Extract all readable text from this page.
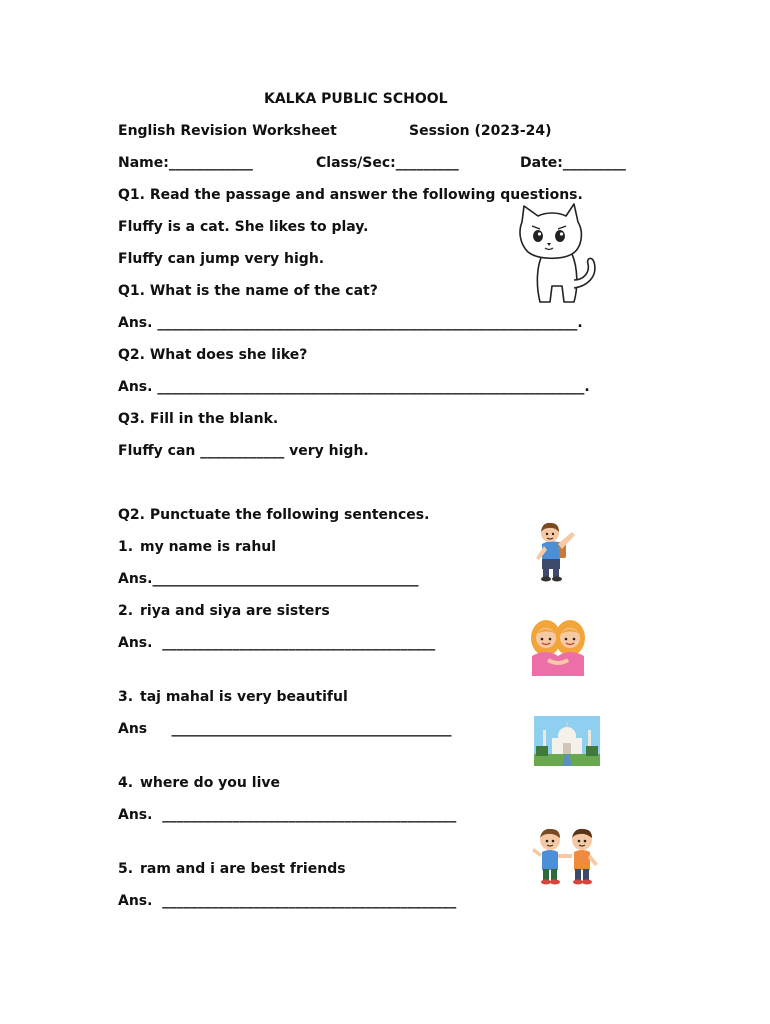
KALKA PUBLIC SCHOOL
English Revision Worksheet	Session (2023-24)
Name:____________	Class/Sec:_________	Date:_________
Q1. Read the passage and answer the following questions.
Fluffy is a cat. She likes to play.
Fluffy can jump very high.
Q1. What is the name of the cat?
Ans. ____________________________________________________________.
Q2. What does she like?
Ans. _____________________________________________________________.
Q3. Fill in the blank.
Fluffy can ____________ very high.
Q2. Punctuate the following sentences.
1. my name is rahul
Ans.______________________________________
2. riya and siya are sisters
Ans.  _______________________________________
3. taj mahal is very beautiful
Ans     ________________________________________
4. where do you live
Ans.  __________________________________________
5. ram and i are best friends
Ans.  __________________________________________
